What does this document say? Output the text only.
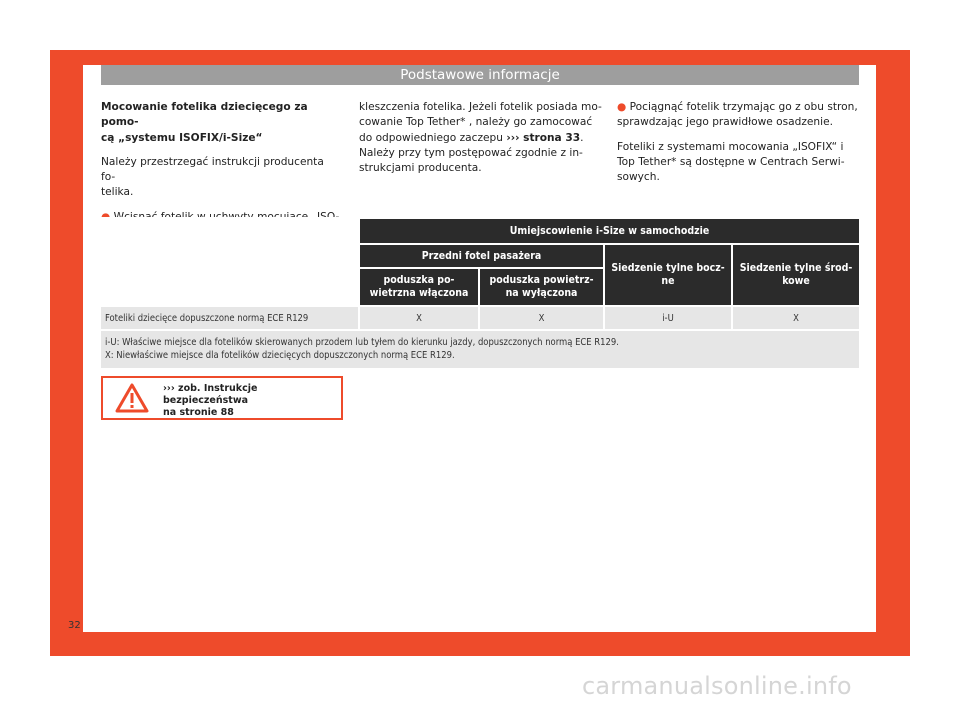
Podstawowe informacje

Mocowanie fotelika dziecięcego za pomo-
cą „systemu ISOFIX/i-Size“

Należy przestrzegać instrukcji producenta fo-
telika.

kleszczenia fotelika. Jeżeli fotelik posiada mo-
cowanie Top Tether* , należy go zamocować
do odpowiedniego zaczepu ››› strona 33.
Należy przy tym postępować zgodnie z in-
strukcjami producenta.

● Pociągnąć fotelik trzymając go z obu stron,
sprawdzając jego prawidłowe osadzenie.

Foteliki z systemami mocowania „ISOFIX“ i
Top Tether* są dostępne w Centrach Serwi-
sowych.

	Umiejscowienie i-Size w samochodzie			
	Przedni fotel pasażera		Siedzenie tylne bocz-ne	Siedzenie tylne środ-kowe
	poduszka po-wietrzna włączona	poduszka powietrz-na wyłączona		
Foteliki dziecięce dopuszczone normą ECE R129	X	X	i-U	X
i-U: Właściwe miejsce dla fotelików skierowanych przodem lub tyłem do kierunku jazdy, dopuszczonych normą ECE R129.
X: Niewłaściwe miejsce dla fotelików dziecięcych dopuszczonych normą ECE R129.				
››› zob. Instrukcje bezpieczeństwa
na stronie 88
32
carmanualsonline.info
